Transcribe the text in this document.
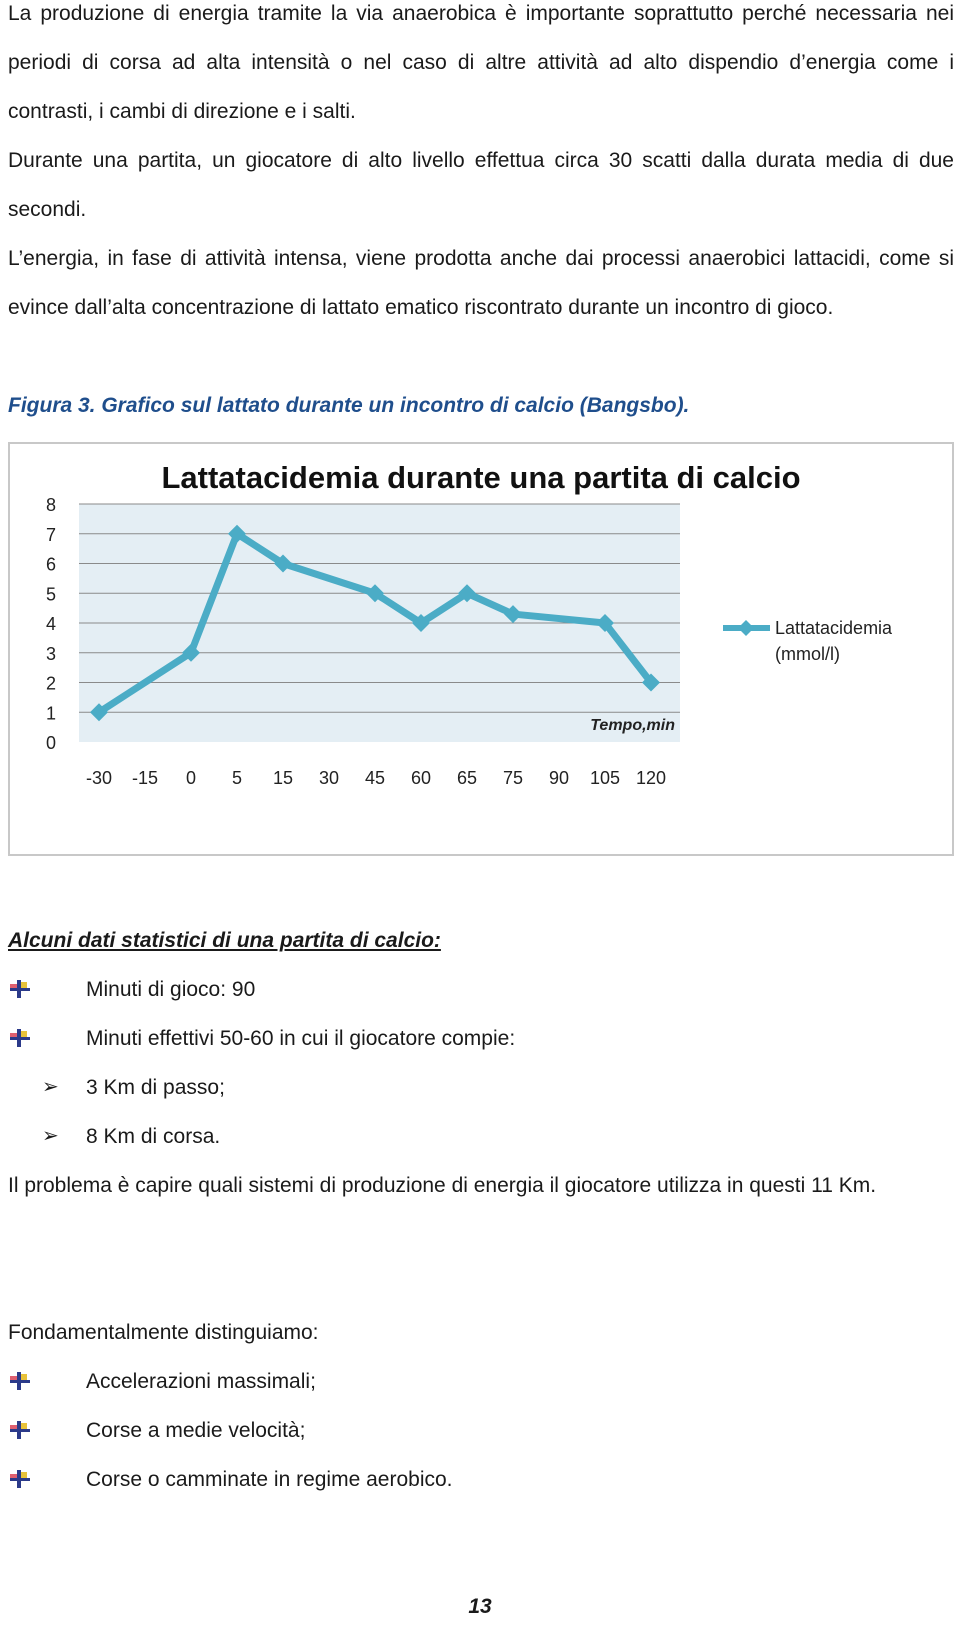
La produzione di energia tramite la via anaerobica è importante soprattutto perché necessaria nei periodi di corsa ad alta intensità o nel caso di altre attività ad alto dispendio d’energia come i contrasti, i cambi di direzione e i salti.

Durante una partita, un giocatore di alto livello effettua circa 30 scatti dalla durata media di due secondi.

L’energia, in fase di attività intensa, viene prodotta anche dai processi anaerobici lattacidi, come si evince dall’alta concentrazione di lattato ematico riscontrato durante un incontro di gioco.

Figura 3. Grafico sul lattato durante un incontro di calcio (Bangsbo).
Lattatacidemia durante una partita di calcio
0
1
2
3
4
5
6
7
8
-30 -15 0 5 15 30 45 60 65 75 90 105 120
Tempo,min
Lattatacidemia
(mmol/l)
Alcuni dati statistici di una partita di calcio:
Minuti di gioco: 90
Minuti effettivi 50-60 in cui il giocatore compie:
➢ 3 Km di passo;
➢ 8 Km di corsa.
Il problema è capire quali sistemi di produzione di energia il giocatore utilizza in questi 11 Km.
Fondamentalmente distinguiamo:
Accelerazioni massimali;
Corse a medie velocità;
Corse o camminate in regime aerobico.
13
